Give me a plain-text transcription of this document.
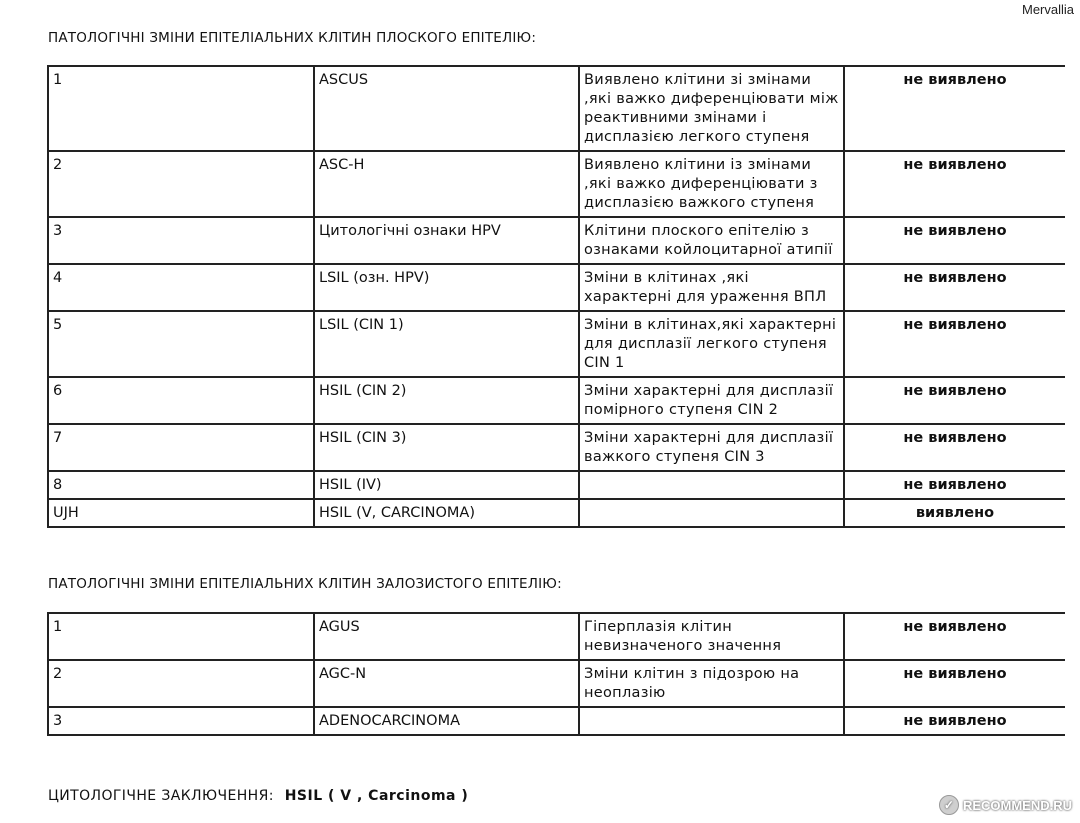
Mervallia
ПАТОЛОГІЧНІ ЗМІНИ ЕПІТЕЛІАЛЬНИХ КЛІТИН ПЛОСКОГО ЕПІТЕЛІЮ:
1	ASCUS	Виявлено клітини зі змінами ,які важко диференціювати між реактивними змінами і дисплазією легкого ступеня	не виявлено
2	ASC-H	Виявлено клітини із змінами ,які важко диференціювати з дисплазією важкого ступеня	не виявлено
3	Цитологічні ознаки HPV	Клітини плоского епітелію з ознаками койлоцитарної атипії	не виявлено
4	LSIL (озн. HPV)	Зміни в клітинах ,які характерні для ураження ВПЛ	не виявлено
5	LSIL (CIN 1)	Зміни в клітинах,які характерні для дисплазії легкого ступеня CIN 1	не виявлено
6	HSIL (CIN 2)	Зміни характерні для дисплазії помірного ступеня CIN 2	не виявлено
7	HSIL (CIN 3)	Зміни характерні для дисплазії важкого ступеня CIN 3	не виявлено
8	HSIL (IV)		не виявлено
UJH	HSIL (V, CARCINOMA)		виявлено
ПАТОЛОГІЧНІ ЗМІНИ ЕПІТЕЛІАЛЬНИХ КЛІТИН ЗАЛОЗИСТОГО ЕПІТЕЛІЮ:
1	AGUS	Гіперплазія клітин невизначеного значення	не виявлено
2	AGC-N	Зміни клітин з підозрою на неоплазію	не виявлено
3	ADENOCARCINOMA		не виявлено
ЦИТОЛОГІЧНЕ ЗАКЛЮЧЕННЯ: HSIL ( V , Carcinoma )
✓ RECOMMEND.RU
